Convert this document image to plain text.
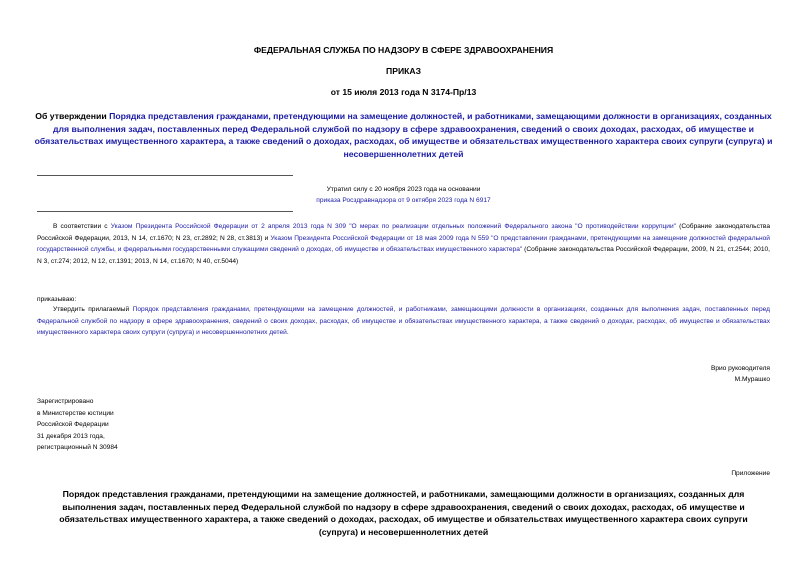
ФЕДЕРАЛЬНАЯ СЛУЖБА ПО НАДЗОРУ В СФЕРЕ ЗДРАВООХРАНЕНИЯ
ПРИКАЗ
от 15 июля 2013 года N 3174-Пр/13
Об утверждении Порядка представления гражданами, претендующими на замещение должностей, и работниками, замещающими должности в организациях, созданных для выполнения задач, поставленных перед Федеральной службой по надзору в сфере здравоохранения, сведений о своих доходах, расходах, об имуществе и обязательствах имущественного характера, а также сведений о доходах, расходах, об имуществе и обязательствах имущественного характера своих супруги (супруга) и несовершеннолетних детей
Утратил силу с 20 ноября 2023 года на основании
приказа Росздравнадзора от 9 октября 2023 года N 6917
В соответствии с Указом Президента Российской Федерации от 2 апреля 2013 года N 309 "О мерах по реализации отдельных положений Федерального закона "О противодействии коррупции" (Собрание законодательства Российской Федерации, 2013, N 14, ст.1670; N 23, ст.2892; N 28, ст.3813) и Указом Президента Российской Федерации от 18 мая 2009 года N 559 "О представлении гражданами, претендующими на замещение должностей федеральной государственной службы, и федеральными государственными служащими сведений о доходах, об имуществе и обязательствах имущественного характера" (Собрание законодательства Российской Федерации, 2009, N 21, ст.2544; 2010, N 3, ст.274; 2012, N 12, ст.1391; 2013, N 14, ст.1670; N 40, ст.5044)
приказываю:
Утвердить прилагаемый Порядок представления гражданами, претендующими на замещение должностей, и работниками, замещающими должности в организациях, созданных для выполнения задач, поставленных перед Федеральной службой по надзору в сфере здравоохранения, сведений о своих доходах, расходах, об имуществе и обязательствах имущественного характера, а также сведений о доходах, расходах, об имуществе и обязательствах имущественного характера своих супруги (супруга) и несовершеннолетних детей.
Врио руководителя
М.Мурашко
Зарегистрировано
в Министерстве юстиции
Российской Федерации
31 декабря 2013 года,
регистрационный N 30984
Приложение
Порядок представления гражданами, претендующими на замещение должностей, и работниками, замещающими должности в организациях, созданных для выполнения задач, поставленных перед Федеральной службой по надзору в сфере здравоохранения, сведений о своих доходах, расходах, об имуществе и обязательствах имущественного характера, а также сведений о доходах, расходах, об имуществе и обязательствах имущественного характера своих супруги (супруга) и несовершеннолетних детей
